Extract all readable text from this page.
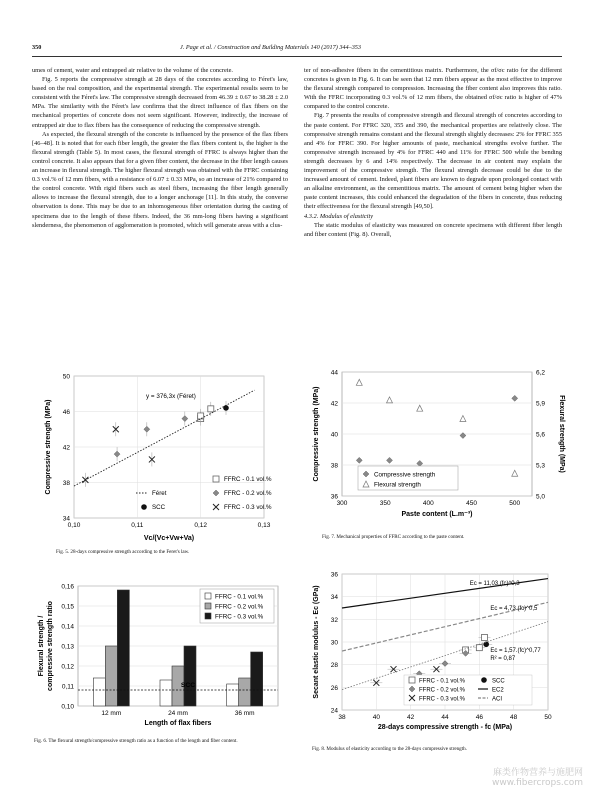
350	J. Page et al. / Construction and Building Materials 140 (2017) 344–353

umes of cement, water and entrapped air relative to the volume of the concrete.

Fig. 5 reports the compressive strength at 28 days of the concretes according to Féret's law, based on the real composition, and the experimental strength. The experimental results seem to be consistent with the Féret's law. The compressive strength decreased from 46.39 ± 0.67 to 38.28 ± 2.0 MPa. The similarity with the Féret's law confirms that the direct influence of flax fibers on the mechanical properties of concrete does not seem significant. However, indirectly, the increase of entrapped air due to flax fibers has the consequence of reducing the compressive strength.

As expected, the flexural strength of the concrete is influenced by the presence of the flax fibers [46–48]. It is noted that for each fiber length, the greater the flax fibers content is, the higher is the flexural strength (Table 5). In most cases, the flexural strength of FFRC is always higher than the control concrete. It also appears that for a given fiber content, the decrease in the fiber length causes an increase in flexural strength. The higher flexural strength was obtained with the FFRC containing 0.3 vol.% of 12 mm fibers, with a resistance of 6.07 ± 0.33 MPa, so an increase of 21% compared to the control concrete. With rigid fibers such as steel fibers, increasing the fiber length generally allows to increase the flexural strength, due to a longer anchorage [11]. In this study, the converse observation is done. This may be due to an inhomogeneous fiber orientation during the casting of specimens due to the length of these fibers. Indeed, the 36 mm-long fibers having a significant slenderness, the phenomenon of agglomeration is promoted, which will generate areas with a clus-

ter of non-adhesive fibers in the cementitious matrix. Furthermore, the σf/σc ratio for the different concretes is given in Fig. 6. It can be seen that 12 mm fibers appear as the most effective to improve the flexural strength compared to compression. Increasing the fiber content also improves this ratio. With the FFRC incorporating 0.3 vol.% of 12 mm fibers, the obtained σf/σc ratio is higher of 47% compared to the control concrete.

Fig. 7 presents the results of compressive strength and flexural strength of concretes according to the paste content. For FFRC 320, 355 and 390, the mechanical properties are relatively close. The compressive strength remains constant and the flexural strength slightly decreases: 2% for FFRC 355 and 4% for FFRC 390. For higher amounts of paste, mechanical strengths evolve further. The compressive strength increased by 4% for FFRC 440 and 11% for FFRC 500 while the bending strength decreases by 6 and 14% respectively. The decrease in air content may explain the improvement of the compressive strength. The flexural strength decrease could be due to the increased amount of cement. Indeed, plant fibers are known to degrade upon prolonged contact with an alkaline environment, as the cementitious matrix. The amount of cement being higher when the paste content increases, this could enhanced the degradation of the fibers in concrete, thus reducing their effectiveness for the flexural strength [49,50].

4.3.2. Modulus of elasticity

The static modulus of elasticity was measured on concrete specimens with different fiber length and fiber content (Fig. 8). Overall,

34
38
42
46
50
0,10	0,11	0,12	0,13
y = 376,3x (Féret)
Compressive strength (MPa)
Vc/(Vc+Vw+Va)
FFRC - 0.1 vol.%
Féret	FFRC - 0.2 vol.%
SCC	FFRC - 0.3 vol.%
Fig. 5. 28-days compressive strength according to the Feret's law.
36
38
40
42
44
5,0
5,3
5,6
5,9
6,2
300	350	400	450	500
Compressive strength (MPa)	Flexural strength (MPa)
Paste content (L.m⁻³)
Compressive strength
Flexural strength
Fig. 7. Mechanical properties of FFRC according to the paste content.
0,10
0,11
0,12
0,13
0,14
0,15
0,16
12 mm	24 mm	36 mm
SCC
Length of flax fibers
Flexural strength / compressive strength ratio
FFRC - 0.1 vol.%
FFRC - 0.2 vol.%
FFRC - 0.3 vol.%
Fig. 6. The flexural strength/compressive strength ratio as a function of the length and fiber content.
24
26
28
30
32
34
36
38	40	42	44	46	48	50
Ec = 11,03.(fc)^0,3
Ec = 4,73.(fc)^0,5
Ec = 1,57.(fc)^0,77
R² = 0,87
Secant elastic modulus - Ec (GPa)
28-days compressive strength - fc (MPa)
FFRC - 0.1 vol.%
FFRC - 0.2 vol.%
FFRC - 0.3 vol.%
SCC
EC2
ACI
Fig. 8. Modulus of elasticity according to the 28-days compressive strength.
麻类作物营养与施肥网
www.fibercrops.com
